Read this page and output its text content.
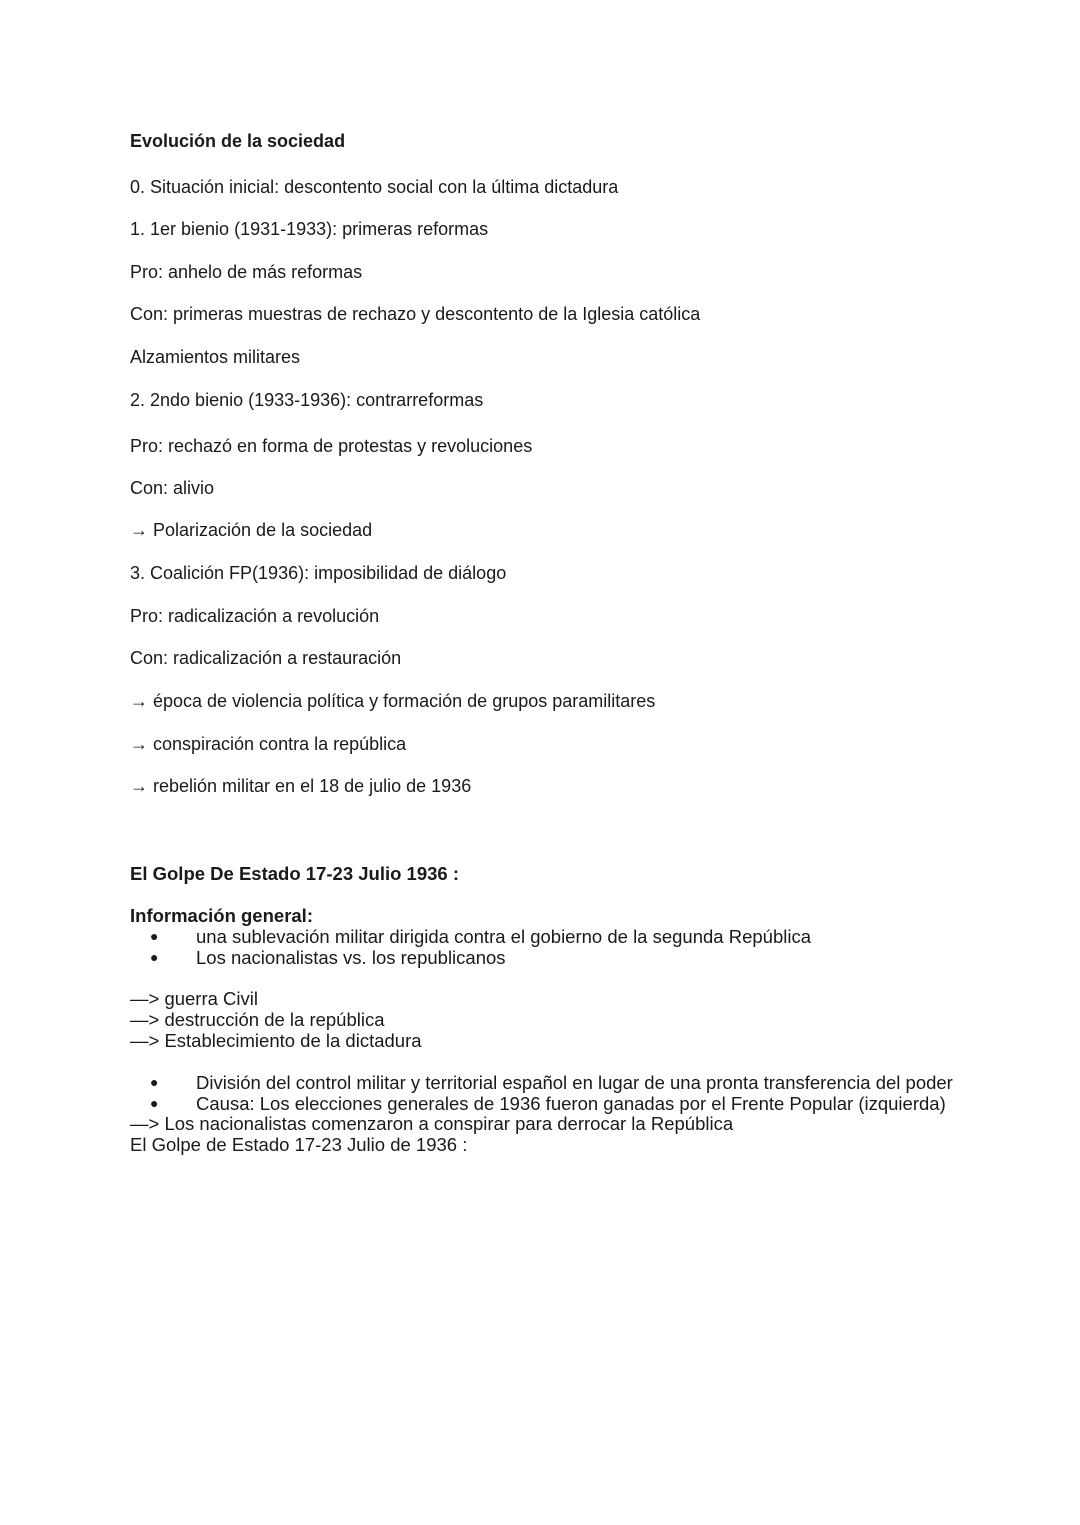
Evolución de la sociedad
0. Situación inicial: descontento social con la última dictadura
1. 1er bienio (1931-1933): primeras reformas
Pro: anhelo de más reformas
Con: primeras muestras de rechazo y descontento de la Iglesia católica
Alzamientos militares
2. 2ndo bienio (1933-1936): contrarreformas
Pro: rechazó en forma de protestas y revoluciones
Con: alivio
→ Polarización de la sociedad
3. Coalición FP(1936): imposibilidad de diálogo
Pro: radicalización a revolución
Con: radicalización a restauración
→ época de violencia política y formación de grupos paramilitares
→ conspiración contra la república
→ rebelión militar en el 18 de julio de 1936
El Golpe De Estado 17-23 Julio 1936 :
Información general:
● una sublevación militar dirigida contra el gobierno de la segunda República
● Los nacionalistas vs. los republicanos
—> guerra Civil
—> destrucción de la república
—> Establecimiento de la dictadura
● División del control militar y territorial español en lugar de una pronta transferencia del poder
● Causa: Los elecciones generales de 1936 fueron ganadas por el Frente Popular (izquierda)
—> Los nacionalistas comenzaron a conspirar para derrocar la República
El Golpe de Estado 17-23 Julio de 1936 :
